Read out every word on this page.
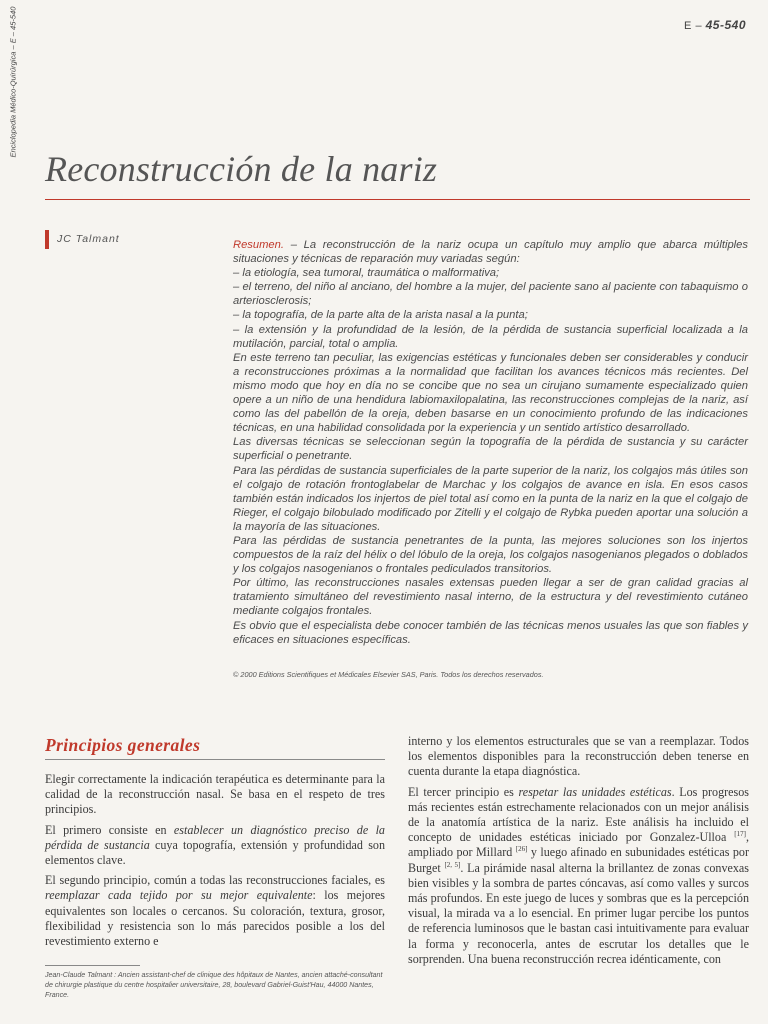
Enciclopedia Médico-Quirúrgica – E – 45-540	E – 45-540
Reconstrucción de la nariz
JC Talmant	Resumen. – La reconstrucción de la nariz ocupa un capítulo muy amplio que abarca múltiples situaciones y técnicas de reparación muy variadas según:

– la etiología, sea tumoral, traumática o malformativa;

– el terreno, del niño al anciano, del hombre a la mujer, del paciente sano al paciente con tabaquismo o arteriosclerosis;

– la topografía, de la parte alta de la arista nasal a la punta;

– la extensión y la profundidad de la lesión, de la pérdida de sustancia superficial localizada a la mutilación, parcial, total o amplia.

En este terreno tan peculiar, las exigencias estéticas y funcionales deben ser considerables y conducir a reconstrucciones próximas a la normalidad que facilitan los avances técnicos más recientes. Del mismo modo que hoy en día no se concibe que no sea un cirujano sumamente especializado quien opere a un niño de una hendidura labiomaxilopalatina, las reconstrucciones complejas de la nariz, así como las del pabellón de la oreja, deben basarse en un conocimiento profundo de las indicaciones técnicas, en una habilidad consolidada por la experiencia y un sentido artístico desarrollado.

Las diversas técnicas se seleccionan según la topografía de la pérdida de sustancia y su carácter superficial o penetrante.

Para las pérdidas de sustancia superficiales de la parte superior de la nariz, los colgajos más útiles son el colgajo de rotación frontoglabelar de Marchac y los colgajos de avance en isla. En esos casos también están indicados los injertos de piel total así como en la punta de la nariz en la que el colgajo de Rieger, el colgajo bilobulado modificado por Zitelli y el colgajo de Rybka pueden aportar una solución a la mayoría de las situaciones.

Para las pérdidas de sustancia penetrantes de la punta, las mejores soluciones son los injertos compuestos de la raíz del hélix o del lóbulo de la oreja, los colgajos nasogenianos plegados o doblados y los colgajos nasogenianos o frontales pediculados transitorios.

Por último, las reconstrucciones nasales extensas pueden llegar a ser de gran calidad gracias al tratamiento simultáneo del revestimiento nasal interno, de la estructura y del revestimiento cutáneo mediante colgajos frontales.

Es obvio que el especialista debe conocer también de las técnicas menos usuales las que son fiables y eficaces en situaciones específicas.

© 2000 Editions Scientifiques et Médicales Elsevier SAS, Paris. Todos los derechos reservados.
Principios generales

Elegir correctamente la indicación terapéutica es determinante para la calidad de la reconstrucción nasal. Se basa en el respeto de tres principios.

El primero consiste en establecer un diagnóstico preciso de la pérdida de sustancia cuya topografía, extensión y profundidad son elementos clave.

El segundo principio, común a todas las reconstrucciones faciales, es reemplazar cada tejido por su mejor equivalente: los mejores equivalentes son locales o cercanos. Su coloración, textura, grosor, flexibilidad y resistencia son lo más parecidos posible a los del revestimiento externo e

interno y los elementos estructurales que se van a reemplazar. Todos los elementos disponibles para la reconstrucción deben tenerse en cuenta durante la etapa diagnóstica.

El tercer principio es respetar las unidades estéticas. Los progresos más recientes están estrechamente relacionados con un mejor análisis de la anatomía artística de la nariz. Este análisis ha incluido el concepto de unidades estéticas iniciado por Gonzalez-Ulloa [17], ampliado por Millard [26] y luego afinado en subunidades estéticas por Burget [2, 5]. La pirámide nasal alterna la brillantez de zonas convexas bien visibles y la sombra de partes cóncavas, así como valles y surcos más profundos. En este juego de luces y sombras que es la percepción visual, la mirada va a lo esencial. En primer lugar percibe los puntos de referencia luminosos que le bastan casi intuitivamente para evaluar la forma y reconocerla, antes de escrutar los detalles que le sorprenden. Una buena reconstrucción recrea idénticamente, con

Jean-Claude Talmant : Ancien assistant-chef de clinique des hôpitaux de Nantes, ancien attaché-consultant de chirurgie plastique du centre hospitalier universitaire, 28, boulevard Gabriel-Guist'Hau, 44000 Nantes, France.
